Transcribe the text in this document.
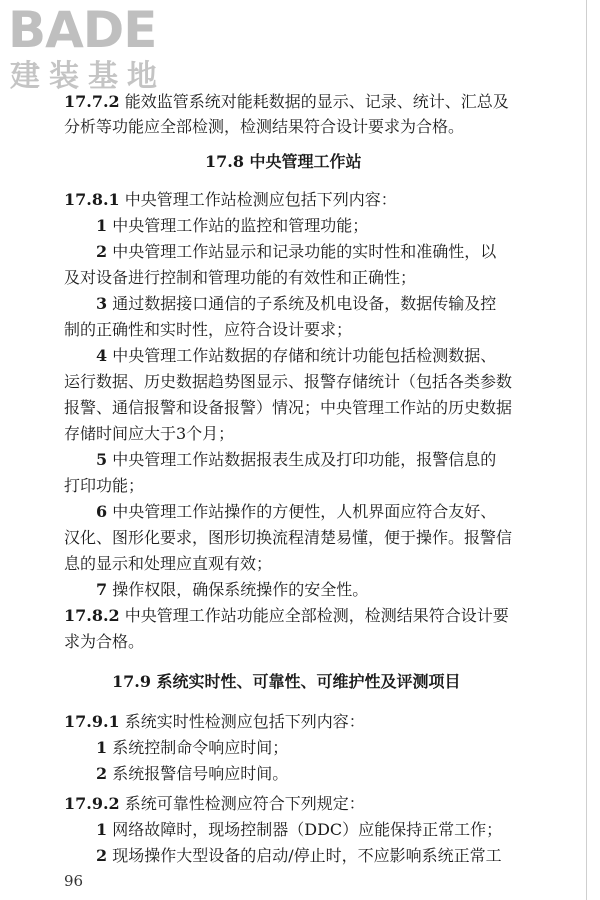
BADE
建装基地
17.7.2 能效监管系统对能耗数据的显示、记录、统计、汇总及
分析等功能应全部检测，检测结果符合设计要求为合格。
17.8 中央管理工作站
17.8.1 中央管理工作站检测应包括下列内容：
1 中央管理工作站的监控和管理功能；
2 中央管理工作站显示和记录功能的实时性和准确性，以
及对设备进行控制和管理功能的有效性和正确性；
3 通过数据接口通信的子系统及机电设备，数据传输及控
制的正确性和实时性，应符合设计要求；
4 中央管理工作站数据的存储和统计功能包括检测数据、
运行数据、历史数据趋势图显示、报警存储统计（包括各类参数
报警、通信报警和设备报警）情况；中央管理工作站的历史数据
存储时间应大于3个月；
5 中央管理工作站数据报表生成及打印功能，报警信息的
打印功能；
6 中央管理工作站操作的方便性，人机界面应符合友好、
汉化、图形化要求，图形切换流程清楚易懂，便于操作。报警信
息的显示和处理应直观有效；
7 操作权限，确保系统操作的安全性。
17.8.2 中央管理工作站功能应全部检测，检测结果符合设计要
求为合格。
17.9 系统实时性、可靠性、可维护性及评测项目
17.9.1 系统实时性检测应包括下列内容：
1 系统控制命令响应时间；
2 系统报警信号响应时间。
17.9.2 系统可靠性检测应符合下列规定：
1 网络故障时，现场控制器（DDC）应能保持正常工作；
2 现场操作大型设备的启动/停止时，不应影响系统正常工
96
